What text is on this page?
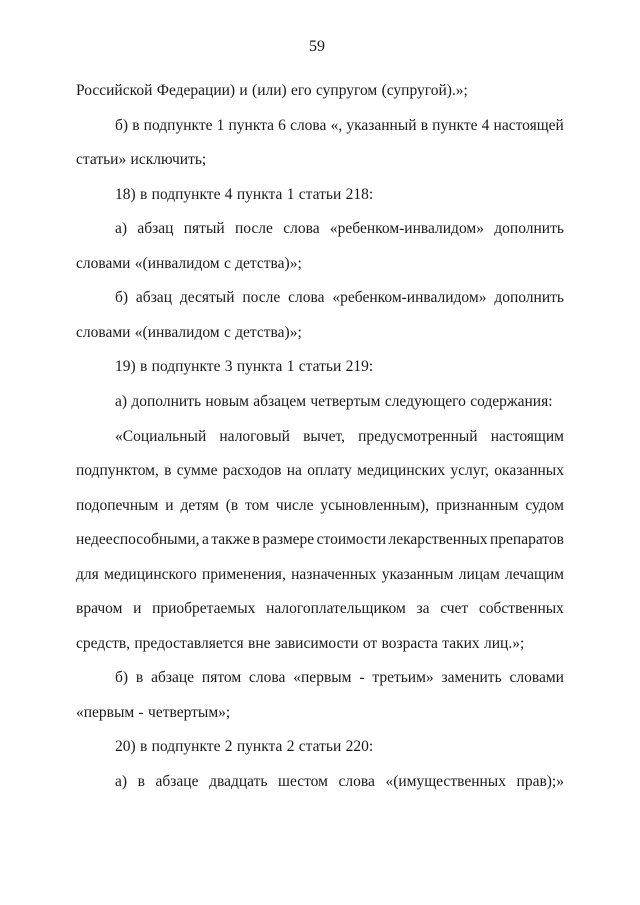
59
Российской Федерации) и (или) его супругом (супругой).»;
б) в подпункте 1 пункта 6 слова «, указанный в пункте 4 настоящей
статьи» исключить;
18) в подпункте 4 пункта 1 статьи 218:
а) абзац пятый после слова «ребенком-инвалидом» дополнить
словами «(инвалидом с детства)»;
б) абзац десятый после слова «ребенком-инвалидом» дополнить
словами «(инвалидом с детства)»;
19) в подпункте 3 пункта 1 статьи 219:
а) дополнить новым абзацем четвертым следующего содержания:
«Социальный налоговый вычет, предусмотренный настоящим
подпунктом, в сумме расходов на оплату медицинских услуг, оказанных
подопечным и детям (в том числе усыновленным), признанным судом
недееспособными, а также в размере стоимости лекарственных препаратов
для медицинского применения, назначенных указанным лицам лечащим
врачом и приобретаемых налогоплательщиком за счет собственных
средств, предоставляется вне зависимости от возраста таких лиц.»;
б) в абзаце пятом слова «первым - третьим» заменить словами
«первым - четвертым»;
20) в подпункте 2 пункта 2 статьи 220:
а) в абзаце двадцать шестом слова «(имущественных прав);»
